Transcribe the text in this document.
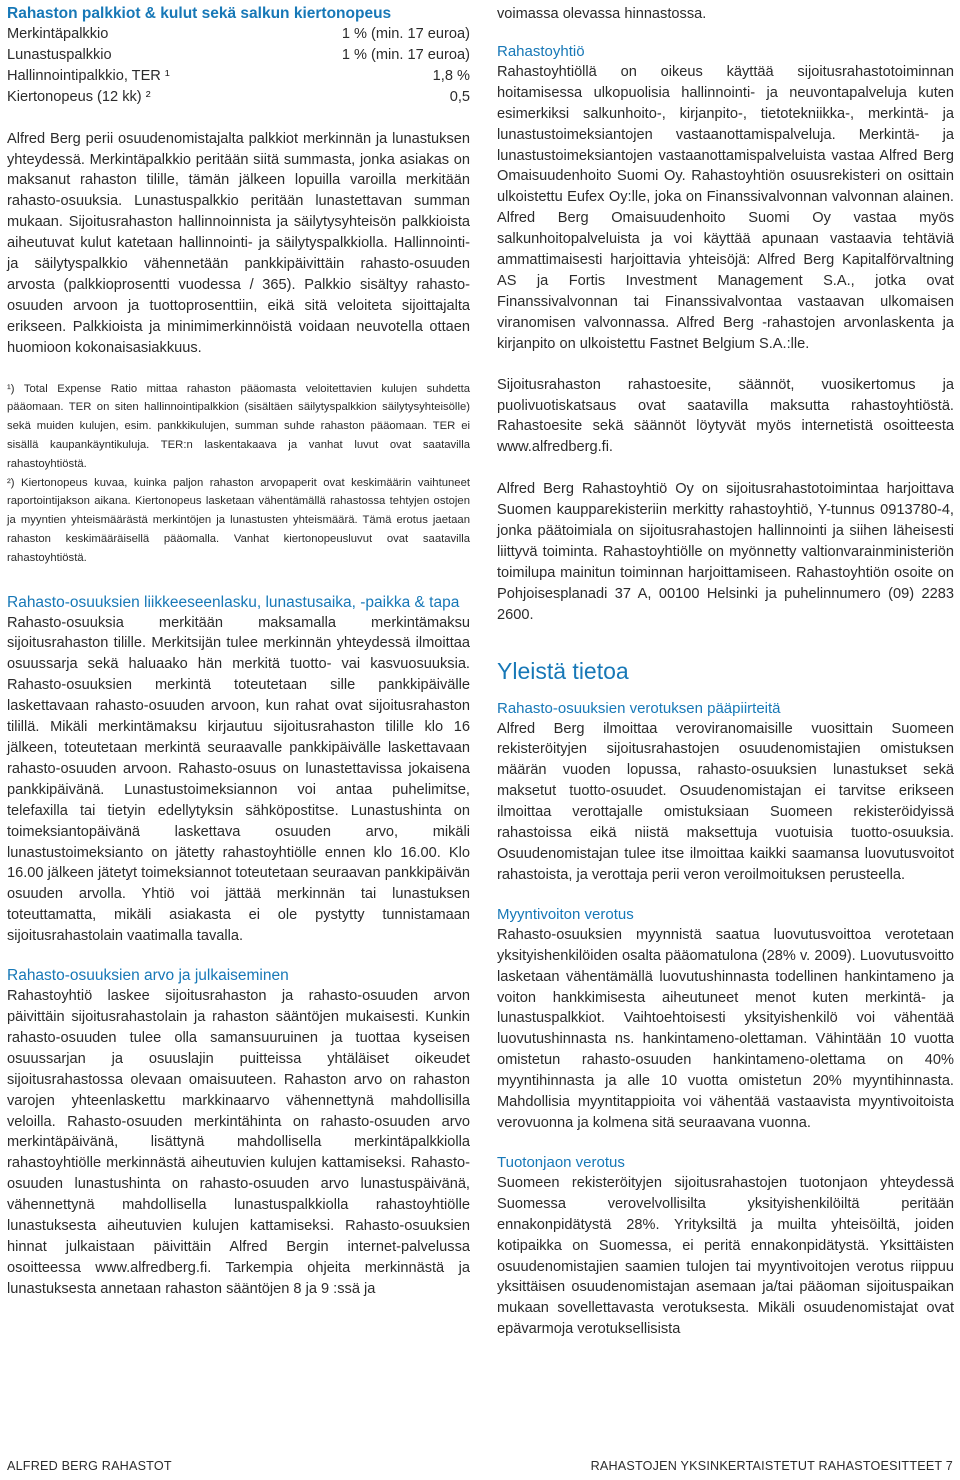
Rahaston palkkiot & kulut sekä salkun kiertonopeus
Merkintäpalkkio	1 % (min. 17 euroa)
Lunastuspalkkio	1 % (min. 17 euroa)
Hallinnointipalkkio, TER ¹	1,8 %
Kiertonopeus (12 kk) ²	0,5

Alfred Berg perii osuudenomistajalta palkkiot merkinnän ja lunastuksen yhteydessä. Merkintäpalkkio peritään siitä summasta, jonka asiakas on maksanut rahaston tilille, tämän jälkeen lopuilla varoilla merkitään rahasto-osuuksia. Lunastuspalkkio peritään lunastettavan summan mukaan. Sijoitusrahaston hallinnoinnista ja säilytysyhteisön palkkioista aiheutuvat kulut katetaan hallinnointi- ja säilytyspalkkiolla. Hallinnointi- ja säilytyspalkkio vähennetään pankkipäivittäin rahasto-osuuden arvosta (palkkioprosentti vuodessa / 365). Palkkio sisältyy rahasto-osuuden arvoon ja tuottoprosenttiin, eikä sitä veloiteta sijoittajalta erikseen. Palkkioista ja minimimerkinnöistä voidaan neuvotella ottaen huomioon kokonaisasiakkuus.

¹) Total Expense Ratio mittaa rahaston pääomasta veloitettavien kulujen suhdetta pääomaan. TER on siten hallinnointipalkkion (sisältäen säilytyspalkkion säilytysyhteisölle) sekä muiden kulujen, esim. pankkikulujen, summan suhde rahaston pääomaan. TER ei sisällä kaupankäyntikuluja. TER:n laskentakaava ja vanhat luvut ovat saatavilla rahastoyhtiöstä.

²) Kiertonopeus kuvaa, kuinka paljon rahaston arvopaperit ovat keskimäärin vaihtuneet raportointijakson aikana. Kiertonopeus lasketaan vähentämällä rahastossa tehtyjen ostojen ja myyntien yhteismäärästä merkintöjen ja lunastusten yhteismäärä. Tämä erotus jaetaan rahaston keskimääräisellä pääomalla. Vanhat kiertonopeusluvut ovat saatavilla rahastoyhtiöstä.

Rahasto-osuuksien liikkeeseenlasku, lunastusaika, -paikka & tapa

Rahasto-osuuksia merkitään maksamalla merkintämaksu sijoitusrahaston tilille. Merkitsijän tulee merkinnän yhteydessä ilmoittaa osuussarja sekä haluaako hän merkitä tuotto- vai kasvuosuuksia. Rahasto-osuuksien merkintä toteutetaan sille pankkipäivälle laskettavaan rahasto-osuuden arvoon, kun rahat ovat sijoitusrahaston tilillä. Mikäli merkintämaksu kirjautuu sijoitusrahaston tilille klo 16 jälkeen, toteutetaan merkintä seuraavalle pankkipäivälle laskettavaan rahasto-osuuden arvoon. Rahasto-osuus on lunastettavissa jokaisena pankkipäivänä. Lunastustoimeksiannon voi antaa puhelimitse, telefaxilla tai tietyin edellytyksin sähköpostitse. Lunastushinta on toimeksiantopäivänä laskettava osuuden arvo, mikäli lunastustoimeksianto on jätetty rahastoyhtiölle ennen klo 16.00. Klo 16.00 jälkeen jätetyt toimeksiannot toteutetaan seuraavan pankkipäivän osuuden arvolla. Yhtiö voi jättää merkinnän tai lunastuksen toteuttamatta, mikäli asiakasta ei ole pystytty tunnistamaan sijoitusrahastolain vaatimalla tavalla.

Rahasto-osuuksien arvo ja julkaiseminen

Rahastoyhtiö laskee sijoitusrahaston ja rahasto-osuuden arvon päivittäin sijoitusrahastolain ja rahaston sääntöjen mukaisesti. Kunkin rahasto-osuuden tulee olla samansuuruinen ja tuottaa kyseisen osuussarjan ja osuuslajin puitteissa yhtäläiset oikeudet sijoitusrahastossa olevaan omaisuuteen. Rahaston arvo on rahaston varojen yhteenlaskettu markkinaarvo vähennettynä mahdollisilla veloilla. Rahasto-osuuden merkintähinta on rahasto-osuuden arvo merkintäpäivänä, lisättynä mahdollisella merkintäpalkkiolla rahastoyhtiölle merkinnästä aiheutuvien kulujen kattamiseksi. Rahasto-osuuden lunastushinta on rahasto-osuuden arvo lunastuspäivänä, vähennettynä mahdollisella lunastuspalkkiolla rahastoyhtiölle lunastuksesta aiheutuvien kulujen kattamiseksi. Rahasto-osuuksien hinnat julkaistaan päivittäin Alfred Bergin internet-palvelussa osoitteessa www.alfredberg.fi. Tarkempia ohjeita merkinnästä ja lunastuksesta annetaan rahaston sääntöjen 8 ja 9 :ssä ja

voimassa olevassa hinnastossa.

Rahastoyhtiö

Rahastoyhtiöllä on oikeus käyttää sijoitusrahastotoiminnan hoitamisessa ulkopuolisia hallinnointi- ja neuvontapalveluja kuten esimerkiksi salkunhoito-, kirjanpito-, tietotekniikka-, merkintä- ja lunastustoimeksiantojen vastaanottamispalveluja. Merkintä- ja lunastustoimeksiantojen vastaanottamispalveluista vastaa Alfred Berg Omaisuudenhoito Suomi Oy. Rahastoyhtiön osuusrekisteri on osittain ulkoistettu Eufex Oy:lle, joka on Finanssivalvonnan valvonnan alainen. Alfred Berg Omaisuudenhoito Suomi Oy vastaa myös salkunhoitopalveluista ja voi käyttää apunaan vastaavia tehtäviä ammattimaisesti harjoittavia yhteisöjä: Alfred Berg Kapitalförvaltning AS ja Fortis Investment Management S.A., jotka ovat Finanssivalvonnan tai Finanssivalvontaa vastaavan ulkomaisen viranomisen valvonnassa. Alfred Berg -rahastojen arvonlaskenta ja kirjanpito on ulkoistettu Fastnet Belgium S.A.:lle.

Sijoitusrahaston rahastoesite, säännöt, vuosikertomus ja puolivuotiskatsaus ovat saatavilla maksutta rahastoyhtiöstä. Rahastoesite sekä säännöt löytyvät myös internetistä osoitteesta www.alfredberg.fi.

Alfred Berg Rahastoyhtiö Oy on sijoitusrahastotoimintaa harjoittava Suomen kaupparekisteriin merkitty rahastoyhtiö, Y-tunnus 0913780-4, jonka päätoimiala on sijoitusrahastojen hallinnointi ja siihen läheisesti liittyvä toiminta. Rahastoyhtiölle on myönnetty valtionvarainministeriön toimilupa mainitun toiminnan harjoittamiseen. Rahastoyhtiön osoite on Pohjoisesplanadi 37 A, 00100 Helsinki ja puhelinnumero (09) 2283 2600.

Yleistä tietoa
Rahasto-osuuksien verotuksen pääpiirteitä

Alfred Berg ilmoittaa veroviranomaisille vuosittain Suomeen rekisteröityjen sijoitusrahastojen osuudenomistajien omistuksen määrän vuoden lopussa, rahasto-osuuksien lunastukset sekä maksetut tuotto-osuudet. Osuudenomistajan ei tarvitse erikseen ilmoittaa verottajalle omistuksiaan Suomeen rekisteröidyissä rahastoissa eikä niistä maksettuja vuotuisia tuotto-osuuksia. Osuudenomistajan tulee itse ilmoittaa kaikki saamansa luovutusvoitot rahastoista, ja verottaja perii veron veroilmoituksen perusteella.

Myyntivoiton verotus

Rahasto-osuuksien myynnistä saatua luovutusvoittoa verotetaan yksityishenkilöiden osalta pääomatulona (28% v. 2009). Luovutusvoitto lasketaan vähentämällä luovutushinnasta todellinen hankintameno ja voiton hankkimisesta aiheutuneet menot kuten merkintä- ja lunastuspalkkiot. Vaihtoehtoisesti yksityishenkilö voi vähentää luovutushinnasta ns. hankintameno-olettaman. Vähintään 10 vuotta omistetun rahasto-osuuden hankintameno-olettama on 40% myyntihinnasta ja alle 10 vuotta omistetun 20% myyntihinnasta. Mahdollisia myyntitappioita voi vähentää vastaavista myyntivoitoista verovuonna ja kolmena sitä seuraavana vuonna.

Tuotonjaon verotus

Suomeen rekisteröityjen sijoitusrahastojen tuotonjaon yhteydessä Suomessa verovelvollisilta yksityishenkilöiltä peritään ennakonpidätystä 28%. Yrityksiltä ja muilta yhteisöiltä, joiden kotipaikka on Suomessa, ei peritä ennakonpidätystä. Yksittäisten osuudenomistajien saamien tulojen tai myyntivoitojen verotus riippuu yksittäisen osuudenomistajan asemaan ja/tai pääoman sijoituspaikan mukaan sovellettavasta verotuksesta. Mikäli osuudenomistajat ovat epävarmoja verotuksellisista

ALFRED BERG RAHASTOT	RAHASTOJEN YKSINKERTAISTETUT RAHASTOESITTEET 7
